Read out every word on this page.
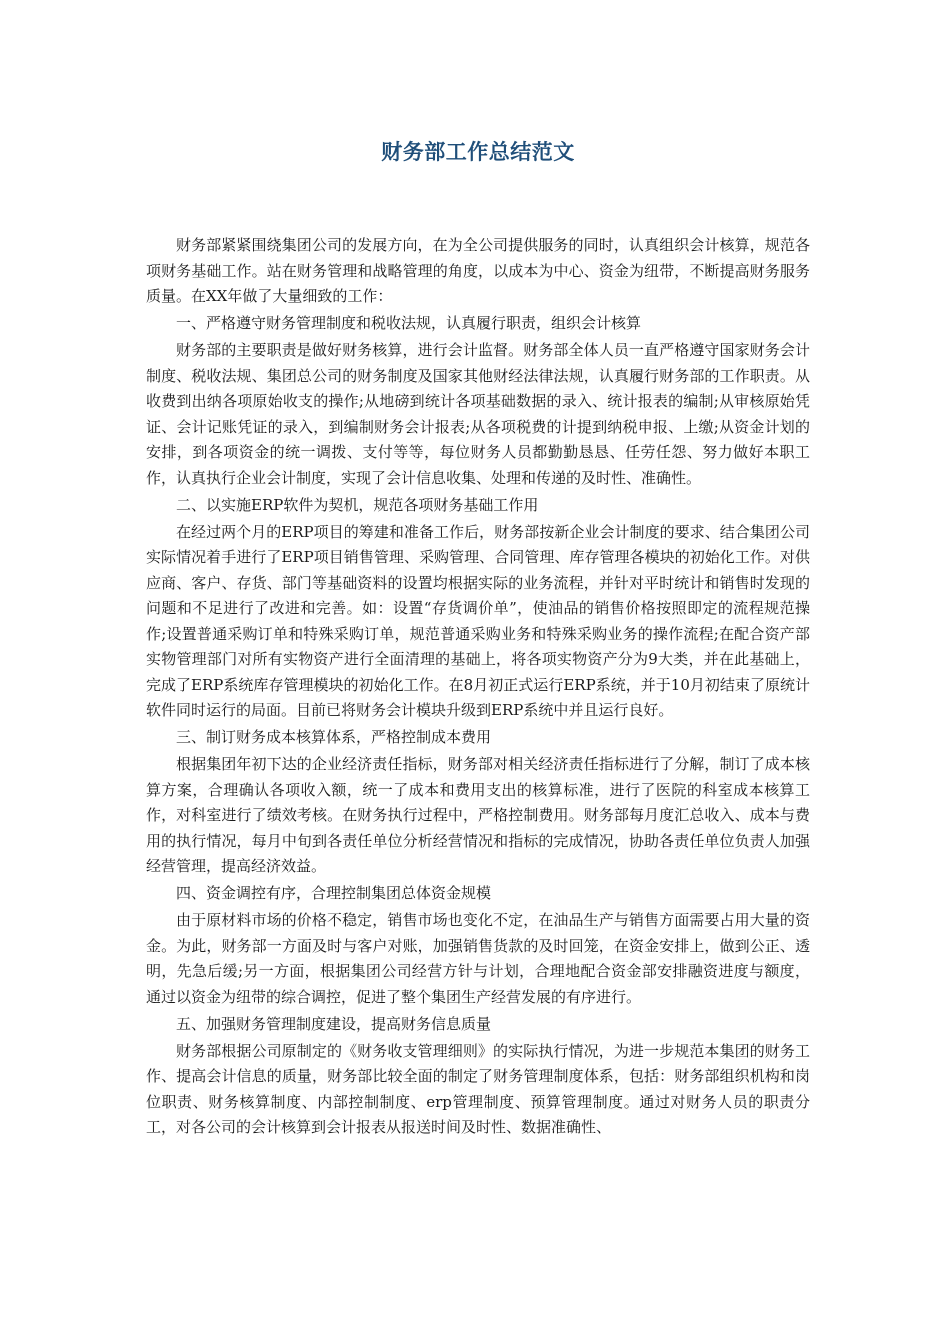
财务部工作总结范文

财务部紧紧围绕集团公司的发展方向，在为全公司提供服务的同时，认真组织会计核算，规范各项财务基础工作。站在财务管理和战略管理的角度，以成本为中心、资金为纽带，不断提高财务服务质量。在XX年做了大量细致的工作：

一、严格遵守财务管理制度和税收法规，认真履行职责，组织会计核算

财务部的主要职责是做好财务核算，进行会计监督。财务部全体人员一直严格遵守国家财务会计制度、税收法规、集团总公司的财务制度及国家其他财经法律法规，认真履行财务部的工作职责。从收费到出纳各项原始收支的操作;从地磅到统计各项基础数据的录入、统计报表的编制;从审核原始凭证、会计记账凭证的录入，到编制财务会计报表;从各项税费的计提到纳税申报、上缴;从资金计划的安排，到各项资金的统一调拨、支付等等，每位财务人员都勤勤恳恳、任劳任怨、努力做好本职工作，认真执行企业会计制度，实现了会计信息收集、处理和传递的及时性、准确性。

二、以实施ERP软件为契机，规范各项财务基础工作用

在经过两个月的ERP项目的筹建和准备工作后，财务部按新企业会计制度的要求、结合集团公司实际情况着手进行了ERP项目销售管理、采购管理、合同管理、库存管理各模块的初始化工作。对供应商、客户、存货、部门等基础资料的设置均根据实际的业务流程，并针对平时统计和销售时发现的问题和不足进行了改进和完善。如：设置“存货调价单”，使油品的销售价格按照即定的流程规范操作;设置普通采购订单和特殊采购订单，规范普通采购业务和特殊采购业务的操作流程;在配合资产部实物管理部门对所有实物资产进行全面清理的基础上，将各项实物资产分为9大类，并在此基础上，完成了ERP系统库存管理模块的初始化工作。在8月初正式运行ERP系统，并于10月初结束了原统计软件同时运行的局面。目前已将财务会计模块升级到ERP系统中并且运行良好。

三、制订财务成本核算体系，严格控制成本费用

根据集团年初下达的企业经济责任指标，财务部对相关经济责任指标进行了分解，制订了成本核算方案，合理确认各项收入额，统一了成本和费用支出的核算标准，进行了医院的科室成本核算工作，对科室进行了绩效考核。在财务执行过程中，严格控制费用。财务部每月度汇总收入、成本与费用的执行情况，每月中旬到各责任单位分析经营情况和指标的完成情况，协助各责任单位负责人加强经营管理，提高经济效益。

四、资金调控有序，合理控制集团总体资金规模

由于原材料市场的价格不稳定，销售市场也变化不定，在油品生产与销售方面需要占用大量的资金。为此，财务部一方面及时与客户对账，加强销售货款的及时回笼，在资金安排上，做到公正、透明，先急后缓;另一方面，根据集团公司经营方针与计划，合理地配合资金部安排融资进度与额度，通过以资金为纽带的综合调控，促进了整个集团生产经营发展的有序进行。

五、加强财务管理制度建设，提高财务信息质量

财务部根据公司原制定的《财务收支管理细则》的实际执行情况，为进一步规范本集团的财务工作、提高会计信息的质量，财务部比较全面的制定了财务管理制度体系，包括：财务部组织机构和岗位职责、财务核算制度、内部控制制度、erp管理制度、预算管理制度。通过对财务人员的职责分工，对各公司的会计核算到会计报表从报送时间及时性、数据准确性、
